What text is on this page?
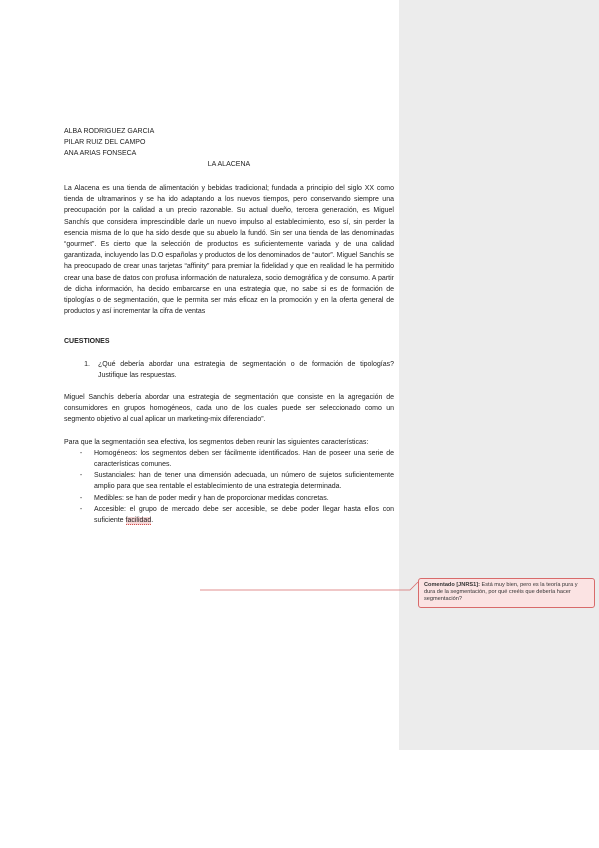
ALBA RODRIGUEZ GARCIA
PILAR RUIZ DEL CAMPO
ANA ARIAS FONSECA
LA ALACENA

La Alacena es una tienda de alimentación y bebidas tradicional; fundada a principio del siglo XX como tienda de ultramarinos y se ha ido adaptando a los nuevos tiempos, pero conservando siempre una preocupación por la calidad a un precio razonable. Su actual dueño, tercera generación, es Miguel Sanchís que considera imprescindible darle un nuevo impulso al establecimiento, eso sí, sin perder la esencia misma de lo que ha sido desde que su abuelo la fundó. Sin ser una tienda de las denominadas “gourmet”. Es cierto que la selección de productos es suficientemente variada y de una calidad garantizada, incluyendo las D.O españolas y productos de los denominados de “autor”. Miguel Sanchís se ha preocupado de crear unas tarjetas “affinity” para premiar la fidelidad y que en realidad le ha permitido crear una base de datos con profusa información de naturaleza, socio demográfica y de consumo. A partir de dicha información, ha decido embarcarse en una estrategia que, no sabe si es de formación de tipologías o de segmentación, que le permita ser más eficaz en la promoción y en la oferta general de productos y así incrementar la cifra de ventas

CUESTIONES
1.	¿Qué debería abordar una estrategia de segmentación o de formación de tipologías? Justifique las respuestas.

Miguel Sanchís debería abordar una estrategia de segmentación que consiste en la agregación de consumidores en grupos homogéneos, cada uno de los cuales puede ser seleccionado como un segmento objetivo al cual aplicar un marketing-mix diferenciado”.

Para que la segmentación sea efectiva, los segmentos deben reunir las siguientes características:

-	Homogéneos: los segmentos deben ser fácilmente identificados. Han de poseer una serie de características comunes.
-	Sustanciales: han de tener una dimensión adecuada, un número de sujetos suficientemente amplio para que sea rentable el establecimiento de una estrategia determinada.
-	Medibles: se han de poder medir y han de proporcionar medidas concretas.
-	Accesible: el grupo de mercado debe ser accesible, se debe poder llegar hasta ellos con suficiente facilidad.
Comentado [JNRS1]: Está muy bien, pero es la teoría pura y dura de la segmentación, por qué creéis que debería hacer segmentación?
